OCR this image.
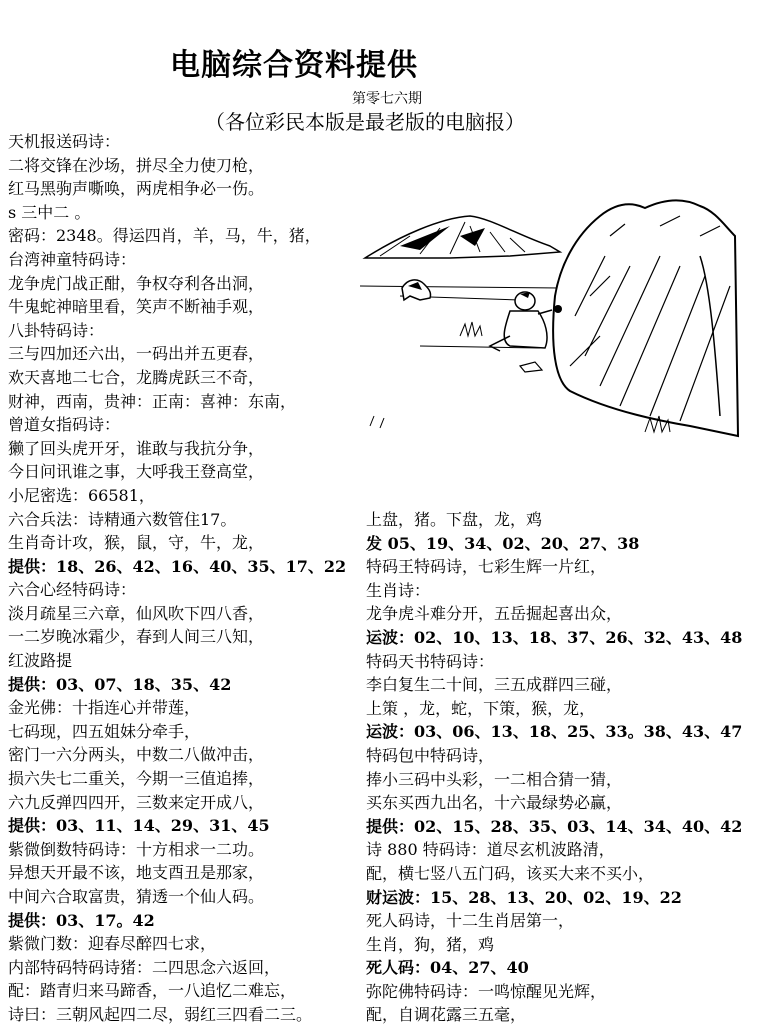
电脑综合资料提供
第零七六期
（各位彩民本版是最老版的电脑报）
天机报送码诗：
二将交锋在沙场，拼尽全力使刀枪，
红马黑驹声嘶唤，两虎相争必一伤。
s 三中二 。
密码：2348。得运四肖，羊，马，牛，猪，
台湾神童特码诗：
龙争虎门战正酣，争权夺利各出洞，
牛鬼蛇神暗里看，笑声不断袖手观，
八卦特码诗：
三与四加还六出，一码出并五更春，
欢天喜地二七合，龙腾虎跃三不奇，
财神，西南，贵神：正南：喜神：东南，
曾道女指码诗：
獭了回头虎开牙，谁敢与我抗分争，
今日问讯谁之事，大呼我王登高堂，
小尼密选：66581，
六合兵法：诗精通六数管住17。
生肖奇计攻，猴，鼠，守，牛，龙，
提供：18、26、42、16、40、35、17、22
六合心经特码诗：
淡月疏星三六章，仙风吹下四八香，
一二岁晚冰霜少，春到人间三八知，
红波路提
提供：03、07、18、35、42
金光佛：十指连心并带莲，
七码现，四五姐妹分牵手，
密门一六分两头，中数二八做冲击，
损六失七二重关，今期一三值追捧，
六九反弹四四开，三数来定开成八，
提供：03、11、14、29、31、45
紫微倒数特码诗：十方相求一二功。
异想天开最不该，地支酉丑是那家，
中间六合取富贵，猜透一个仙人码。
提供：03、17。42
紫微门数：迎春尽醉四七求，
内部特码特码诗猪：二四思念六返回，
配：踏青归来马蹄香，一八追忆二难忘，
诗曰：三朝风起四二尽，弱红三四看二三。
上盘，猪。下盘，龙，鸡
发 05、19、34、02、20、27、38
特码王特码诗，七彩生辉一片红，
生肖诗：
龙争虎斗难分开，五岳掘起喜出众，
运波：02、10、13、18、37、26、32、43、48
特码天书特码诗：
李白复生二十间，三五成群四三碰，
上策 ，龙，蛇，下策，猴，龙，
运波：03、06、13、18、25、33。38、43、47
特码包中特码诗，
捧小三码中头彩，一二相合猜一猜，
买东买西九出名，十六最绿势必赢，
提供：02、15、28、35、03、14、34、40、42
诗 880 特码诗：道尽玄机波路清，
配，横七竖八五门码，该买大来不买小，
财运波：15、28、13、20、02、19、22
死人码诗，十二生肖居第一，
生肖，狗，猪，鸡
死人码：04、27、40
弥陀佛特码诗：一鸣惊醒见光辉，
配，自调花露三五毫，
